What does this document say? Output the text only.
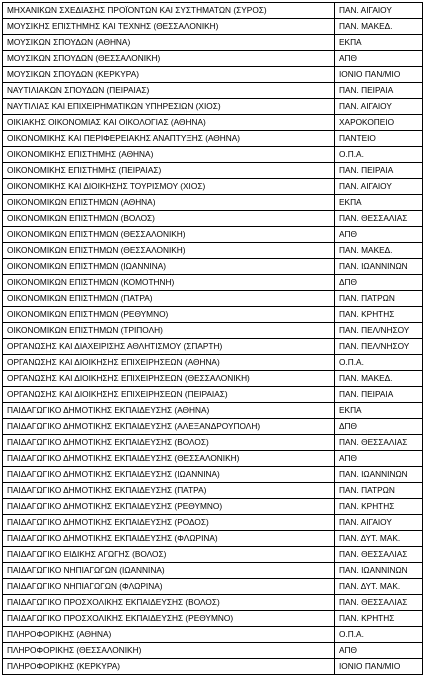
ΜΗΧΑΝΙΚΩΝ ΣΧΕΔΙΑΣΗΣ ΠΡΟΪΟΝΤΩΝ ΚΑΙ ΣΥΣΤΗΜΑΤΩΝ (ΣΥΡΟΣ)	ΠΑΝ. ΑΙΓΑΙΟΥ
ΜΟΥΣΙΚΗΣ ΕΠΙΣΤΗΜΗΣ ΚΑΙ ΤΕΧΝΗΣ (ΘΕΣΣΑΛΟΝΙΚΗ)	ΠΑΝ. ΜΑΚΕΔ.
ΜΟΥΣΙΚΩΝ ΣΠΟΥΔΩΝ (ΑΘΗΝΑ)	ΕΚΠΑ
ΜΟΥΣΙΚΩΝ ΣΠΟΥΔΩΝ (ΘΕΣΣΑΛΟΝΙΚΗ)	ΑΠΘ
ΜΟΥΣΙΚΩΝ ΣΠΟΥΔΩΝ (ΚΕΡΚΥΡΑ)	ΙΟΝΙΟ ΠΑΝ/ΜΙΟ
ΝΑΥΤΙΛΙΑΚΩΝ ΣΠΟΥΔΩΝ (ΠΕΙΡΑΙΑΣ)	ΠΑΝ. ΠΕΙΡΑΙΑ
ΝΑΥΤΙΛΙΑΣ ΚΑΙ ΕΠΙΧΕΙΡΗΜΑΤΙΚΩΝ ΥΠΗΡΕΣΙΩΝ (ΧΙΟΣ)	ΠΑΝ. ΑΙΓΑΙΟΥ
ΟΙΚΙΑΚΗΣ ΟΙΚΟΝΟΜΙΑΣ ΚΑΙ ΟΙΚΟΛΟΓΙΑΣ (ΑΘΗΝΑ)	ΧΑΡΟΚΟΠΕΙΟ
ΟΙΚΟΝΟΜΙΚΗΣ ΚΑΙ ΠΕΡΙΦΕΡΕΙΑΚΗΣ ΑΝΑΠΤΥΞΗΣ (ΑΘΗΝΑ)	ΠΑΝΤΕΙΟ
ΟΙΚΟΝΟΜΙΚΗΣ ΕΠΙΣΤΗΜΗΣ (ΑΘΗΝΑ)	Ο.Π.Α.
ΟΙΚΟΝΟΜΙΚΗΣ ΕΠΙΣΤΗΜΗΣ (ΠΕΙΡΑΙΑΣ)	ΠΑΝ. ΠΕΙΡΑΙΑ
ΟΙΚΟΝΟΜΙΚΗΣ ΚΑΙ ΔΙΟΙΚΗΣΗΣ ΤΟΥΡΙΣΜΟΥ (ΧΙΟΣ)	ΠΑΝ. ΑΙΓΑΙΟΥ
ΟΙΚΟΝΟΜΙΚΩΝ ΕΠΙΣΤΗΜΩΝ (ΑΘΗΝΑ)	ΕΚΠΑ
ΟΙΚΟΝΟΜΙΚΩΝ ΕΠΙΣΤΗΜΩΝ (ΒΟΛΟΣ)	ΠΑΝ. ΘΕΣΣΑΛΙΑΣ
ΟΙΚΟΝΟΜΙΚΩΝ ΕΠΙΣΤΗΜΩΝ (ΘΕΣΣΑΛΟΝΙΚΗ)	ΑΠΘ
ΟΙΚΟΝΟΜΙΚΩΝ ΕΠΙΣΤΗΜΩΝ (ΘΕΣΣΑΛΟΝΙΚΗ)	ΠΑΝ. ΜΑΚΕΔ.
ΟΙΚΟΝΟΜΙΚΩΝ ΕΠΙΣΤΗΜΩΝ (ΙΩΑΝΝΙΝΑ)	ΠΑΝ. ΙΩΑΝΝΙΝΩΝ
ΟΙΚΟΝΟΜΙΚΩΝ ΕΠΙΣΤΗΜΩΝ (ΚΟΜΟΤΗΝΗ)	ΔΠΘ
ΟΙΚΟΝΟΜΙΚΩΝ ΕΠΙΣΤΗΜΩΝ (ΠΑΤΡΑ)	ΠΑΝ. ΠΑΤΡΩΝ
ΟΙΚΟΝΟΜΙΚΩΝ ΕΠΙΣΤΗΜΩΝ (ΡΕΘΥΜΝΟ)	ΠΑΝ. ΚΡΗΤΗΣ
ΟΙΚΟΝΟΜΙΚΩΝ ΕΠΙΣΤΗΜΩΝ (ΤΡΙΠΟΛΗ)	ΠΑΝ. ΠΕΛ/ΝΗΣΟΥ
ΟΡΓΑΝΩΣΗΣ ΚΑΙ ΔΙΑΧΕΙΡΙΣΗΣ ΑΘΛΗΤΙΣΜΟΥ (ΣΠΑΡΤΗ)	ΠΑΝ. ΠΕΛ/ΝΗΣΟΥ
ΟΡΓΑΝΩΣΗΣ ΚΑΙ ΔΙΟΙΚΗΣΗΣ ΕΠΙΧΕΙΡΗΣΕΩΝ (ΑΘΗΝΑ)	Ο.Π.Α.
ΟΡΓΑΝΩΣΗΣ ΚΑΙ ΔΙΟΙΚΗΣΗΣ ΕΠΙΧΕΙΡΗΣΕΩΝ (ΘΕΣΣΑΛΟΝΙΚΗ)	ΠΑΝ. ΜΑΚΕΔ.
ΟΡΓΑΝΩΣΗΣ ΚΑΙ ΔΙΟΙΚΗΣΗΣ ΕΠΙΧΕΙΡΗΣΕΩΝ (ΠΕΙΡΑΙΑΣ)	ΠΑΝ. ΠΕΙΡΑΙΑ
ΠΑΙΔΑΓΩΓΙΚΟ ΔΗΜΟΤΙΚΗΣ ΕΚΠΑΙΔΕΥΣΗΣ (ΑΘΗΝΑ)	ΕΚΠΑ
ΠΑΙΔΑΓΩΓΙΚΟ ΔΗΜΟΤΙΚΗΣ ΕΚΠΑΙΔΕΥΣΗΣ (ΑΛΕΞΑΝΔΡΟΥΠΟΛΗ)	ΔΠΘ
ΠΑΙΔΑΓΩΓΙΚΟ ΔΗΜΟΤΙΚΗΣ ΕΚΠΑΙΔΕΥΣΗΣ (ΒΟΛΟΣ)	ΠΑΝ. ΘΕΣΣΑΛΙΑΣ
ΠΑΙΔΑΓΩΓΙΚΟ ΔΗΜΟΤΙΚΗΣ ΕΚΠΑΙΔΕΥΣΗΣ (ΘΕΣΣΑΛΟΝΙΚΗ)	ΑΠΘ
ΠΑΙΔΑΓΩΓΙΚΟ ΔΗΜΟΤΙΚΗΣ ΕΚΠΑΙΔΕΥΣΗΣ (ΙΩΑΝΝΙΝΑ)	ΠΑΝ. ΙΩΑΝΝΙΝΩΝ
ΠΑΙΔΑΓΩΓΙΚΟ ΔΗΜΟΤΙΚΗΣ ΕΚΠΑΙΔΕΥΣΗΣ (ΠΑΤΡΑ)	ΠΑΝ. ΠΑΤΡΩΝ
ΠΑΙΔΑΓΩΓΙΚΟ ΔΗΜΟΤΙΚΗΣ ΕΚΠΑΙΔΕΥΣΗΣ (ΡΕΘΥΜΝΟ)	ΠΑΝ. ΚΡΗΤΗΣ
ΠΑΙΔΑΓΩΓΙΚΟ ΔΗΜΟΤΙΚΗΣ ΕΚΠΑΙΔΕΥΣΗΣ (ΡΟΔΟΣ)	ΠΑΝ. ΑΙΓΑΙΟΥ
ΠΑΙΔΑΓΩΓΙΚΟ ΔΗΜΟΤΙΚΗΣ ΕΚΠΑΙΔΕΥΣΗΣ (ΦΛΩΡΙΝΑ)	ΠΑΝ. ΔΥΤ. ΜΑΚ.
ΠΑΙΔΑΓΩΓΙΚΟ ΕΙΔΙΚΗΣ ΑΓΩΓΗΣ (ΒΟΛΟΣ)	ΠΑΝ. ΘΕΣΣΑΛΙΑΣ
ΠΑΙΔΑΓΩΓΙΚΟ ΝΗΠΙΑΓΩΓΩΝ (ΙΩΑΝΝΙΝΑ)	ΠΑΝ. ΙΩΑΝΝΙΝΩΝ
ΠΑΙΔΑΓΩΓΙΚΟ ΝΗΠΙΑΓΩΓΩΝ (ΦΛΩΡΙΝΑ)	ΠΑΝ. ΔΥΤ. ΜΑΚ.
ΠΑΙΔΑΓΩΓΙΚΟ ΠΡΟΣΧΟΛΙΚΗΣ ΕΚΠΑΙΔΕΥΣΗΣ (ΒΟΛΟΣ)	ΠΑΝ. ΘΕΣΣΑΛΙΑΣ
ΠΑΙΔΑΓΩΓΙΚΟ ΠΡΟΣΧΟΛΙΚΗΣ ΕΚΠΑΙΔΕΥΣΗΣ (ΡΕΘΥΜΝΟ)	ΠΑΝ. ΚΡΗΤΗΣ
ΠΛΗΡΟΦΟΡΙΚΗΣ (ΑΘΗΝΑ)	Ο.Π.Α.
ΠΛΗΡΟΦΟΡΙΚΗΣ (ΘΕΣΣΑΛΟΝΙΚΗ)	ΑΠΘ
ΠΛΗΡΟΦΟΡΙΚΗΣ (ΚΕΡΚΥΡΑ)	ΙΟΝΙΟ ΠΑΝ/ΜΙΟ
